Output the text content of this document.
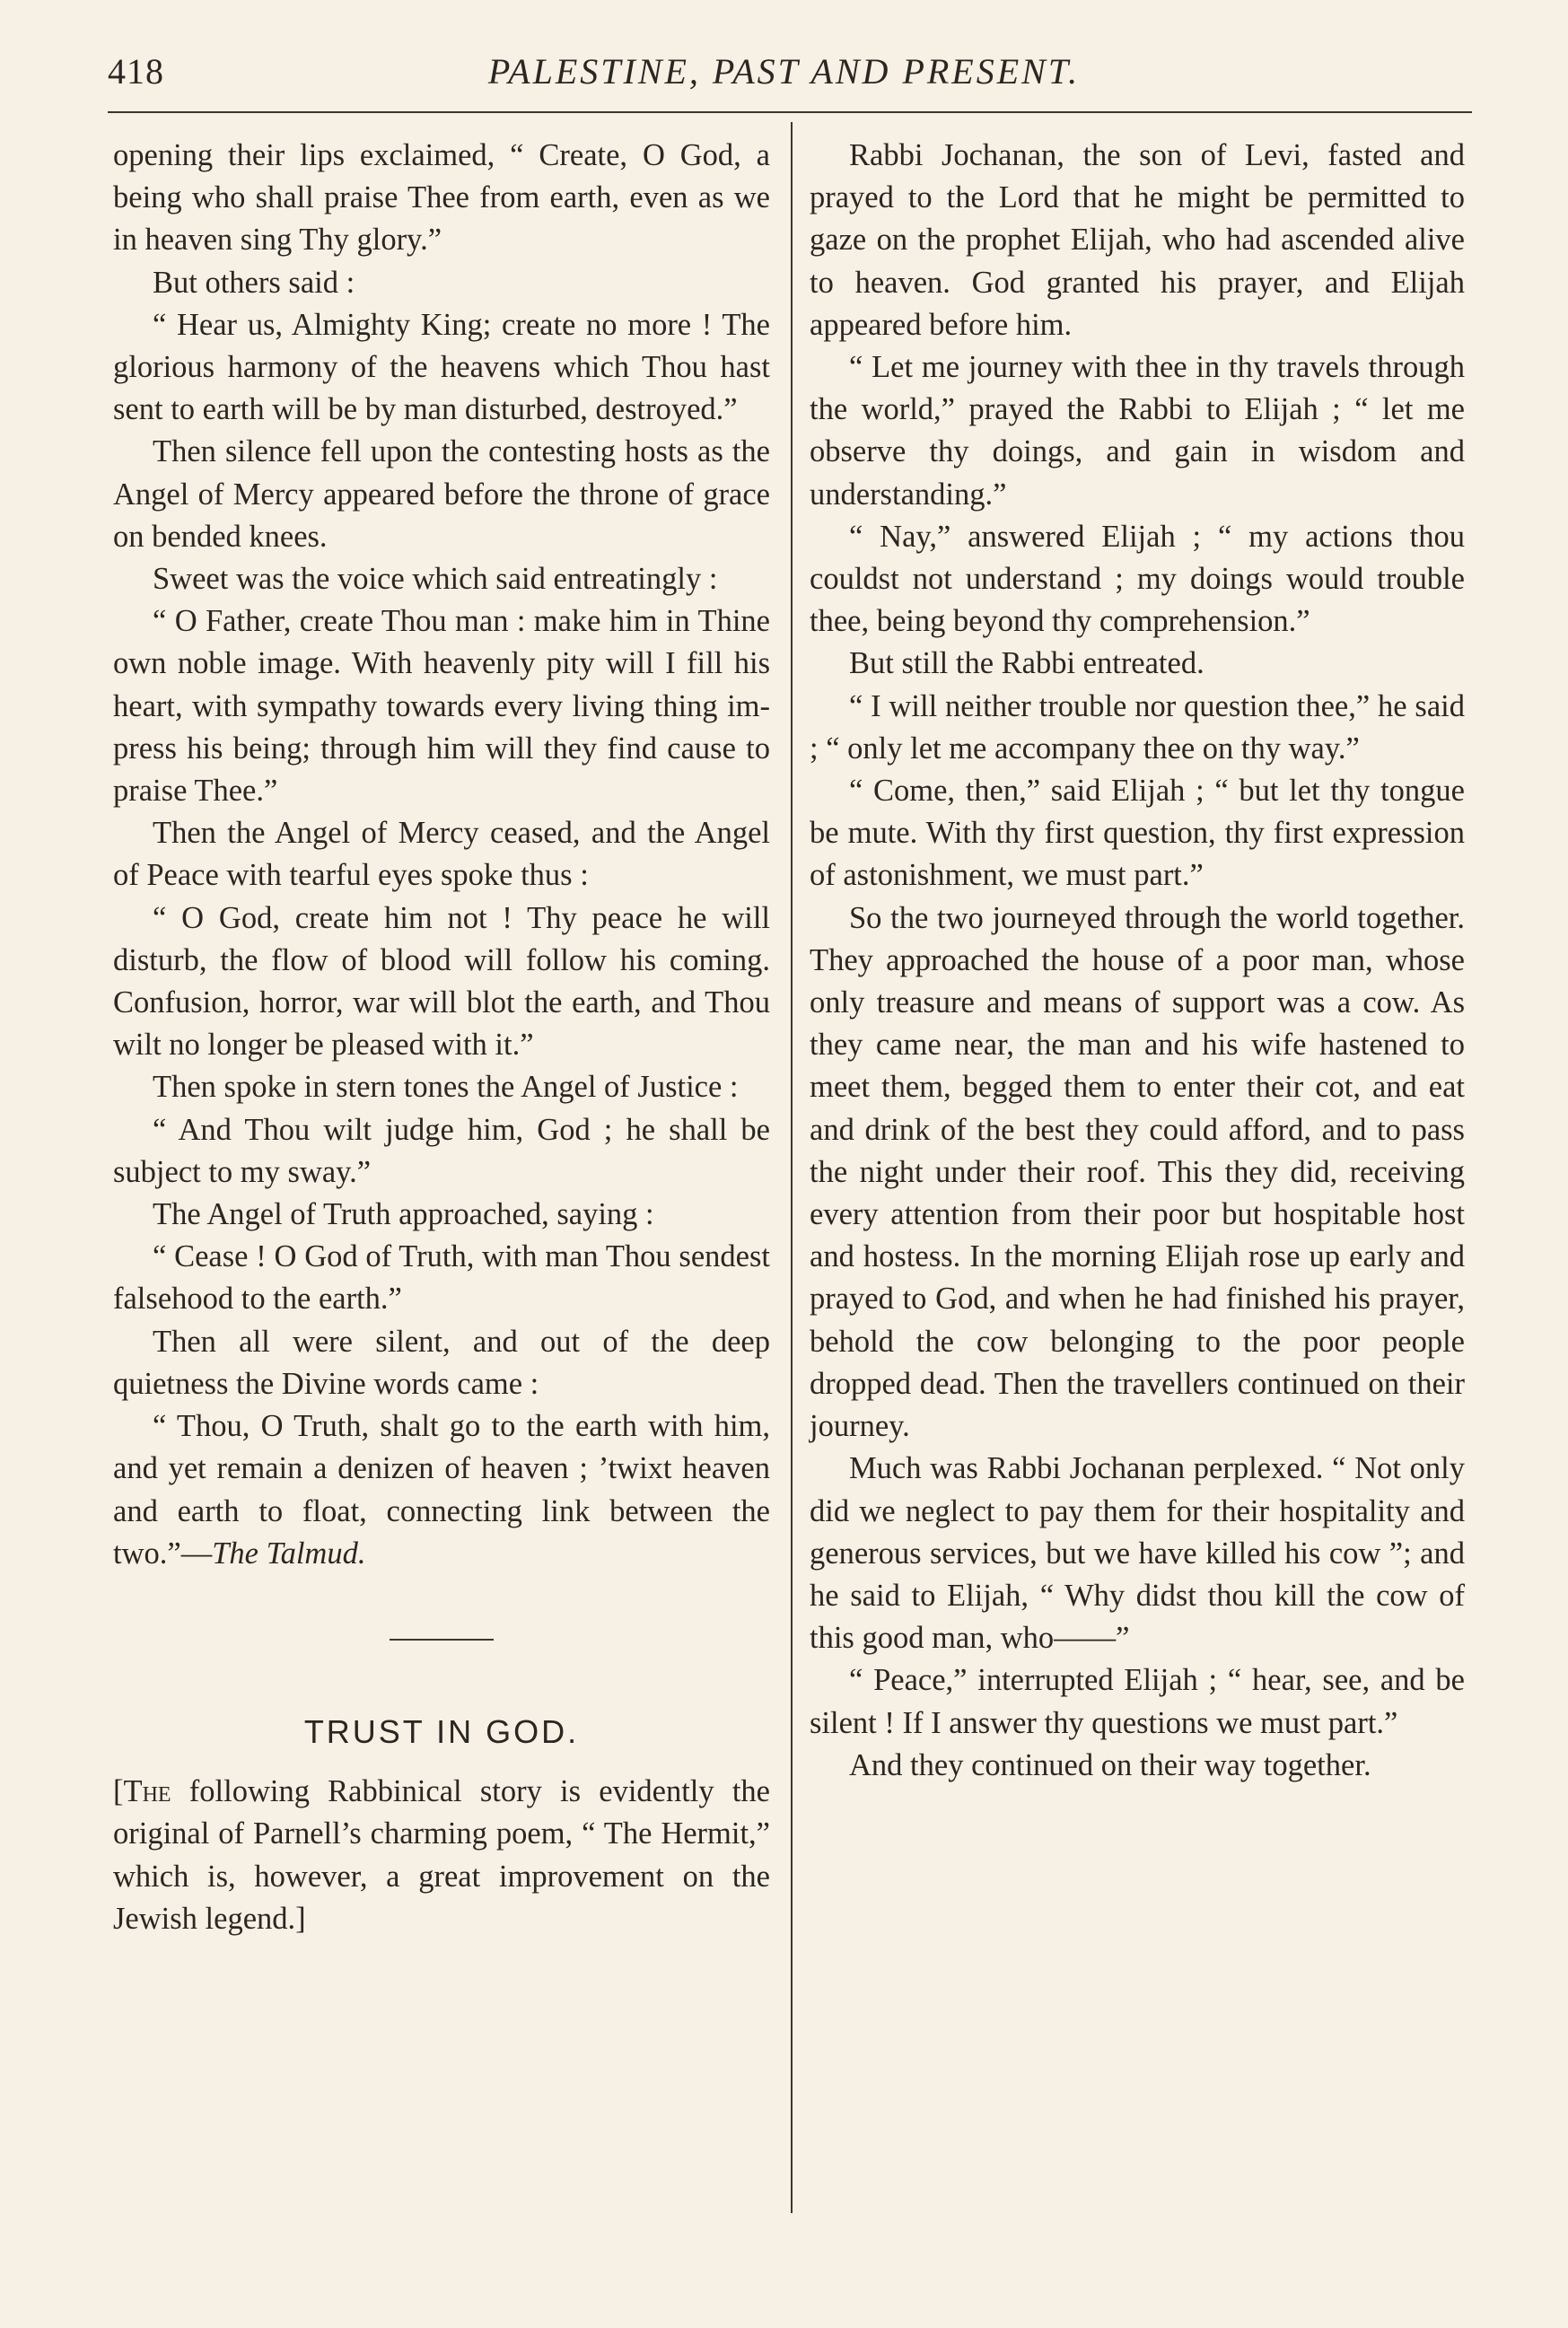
418	PALESTINE, PAST AND PRESENT.

opening their lips exclaimed, “ Create, O God, a being who shall praise Thee from earth, even as we in heaven sing Thy glory.”

But others said :

“ Hear us, Almighty King; create no more ! The glorious harmony of the heavens which Thou hast sent to earth will be by man disturbed, destroyed.”

Then silence fell upon the contesting hosts as the Angel of Mercy appeared before the throne of grace on bended knees.

Sweet was the voice which said entreatingly :

“ O Father, create Thou man : make him in Thine own noble image. With heavenly pity will I fill his heart, with sympathy towards every living thing impress his being; through him will they find cause to praise Thee.”

Then the Angel of Mercy ceased, and the Angel of Peace with tearful eyes spoke thus :

“ O God, create him not ! Thy peace he will disturb, the flow of blood will follow his coming. Confusion, horror, war will blot the earth, and Thou wilt no longer be pleased with it.”

Then spoke in stern tones the Angel of Justice :

“ And Thou wilt judge him, God ; he shall be subject to my sway.”

The Angel of Truth approached, saying :

“ Cease ! O God of Truth, with man Thou sendest falsehood to the earth.”

Then all were silent, and out of the deep quietness the Divine words came :

“ Thou, O Truth, shalt go to the earth with him, and yet remain a denizen of heaven ; ’twixt heaven and earth to float, connecting link between the two.”—The Talmud.

TRUST IN GOD.

[The following Rabbinical story is evidently the original of Parnell’s charming poem, “ The Hermit,” which is, however, a great improvement on the Jewish legend.]

Rabbi Jochanan, the son of Levi, fasted and prayed to the Lord that he might be permitted to gaze on the prophet Elijah, who had ascended alive to heaven. God granted his prayer, and Elijah appeared before him.

“ Let me journey with thee in thy travels through the world,” prayed the Rabbi to Elijah ; “ let me observe thy doings, and gain in wisdom and understanding.”

“ Nay,” answered Elijah ; “ my actions thou couldst not understand ; my doings would trouble thee, being beyond thy comprehension.”

But still the Rabbi entreated.

“ I will neither trouble nor question thee,” he said ; “ only let me accompany thee on thy way.”

“ Come, then,” said Elijah ; “ but let thy tongue be mute. With thy first question, thy first expression of astonishment, we must part.”

So the two journeyed through the world together. They approached the house of a poor man, whose only treasure and means of support was a cow. As they came near, the man and his wife hastened to meet them, begged them to enter their cot, and eat and drink of the best they could afford, and to pass the night under their roof. This they did, receiving every attention from their poor but hospitable host and hostess. In the morning Elijah rose up early and prayed to God, and when he had finished his prayer, behold the cow belonging to the poor people dropped dead. Then the travellers continued on their journey.

Much was Rabbi Jochanan perplexed. “ Not only did we neglect to pay them for their hospitality and generous services, but we have killed his cow ”; and he said to Elijah, “ Why didst thou kill the cow of this good man, who——”

“ Peace,” interrupted Elijah ; “ hear, see, and be silent ! If I answer thy questions we must part.”

And they continued on their way together.
